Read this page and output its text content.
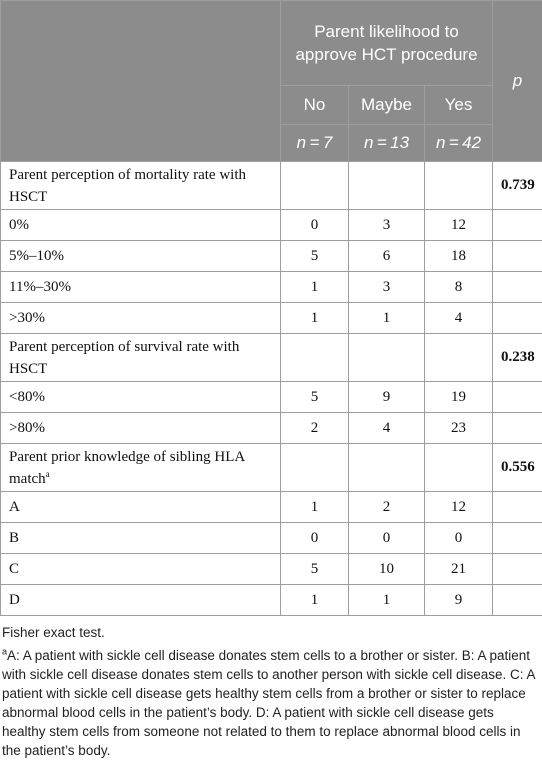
	Parent likelihood to approve HCT procedure			p
	No	Maybe	Yes	
	n = 7	n = 13	n = 42	
Parent perception of mortality rate with HSCT				0.739
0%	0	3	12	
5%–10%	5	6	18	
11%–30%	1	3	8	
>30%	1	1	4	
Parent perception of survival rate with HSCT				0.238
<80%	5	9	19	
>80%	2	4	23	
Parent prior knowledge of sibling HLA match$^a$				0.556
A	1	2	12	
B	0	0	0	
C	5	10	21	
D	1	1	9	

Fisher exact test.

$^a$A: A patient with sickle cell disease donates stem cells to a brother or sister. B: A patient with sickle cell disease donates stem cells to another person with sickle cell disease. C: A patient with sickle cell disease gets healthy stem cells from a brother or sister to replace abnormal blood cells in the patient’s body. D: A patient with sickle cell disease gets healthy stem cells from someone not related to them to replace abnormal blood cells in the patient’s body.
